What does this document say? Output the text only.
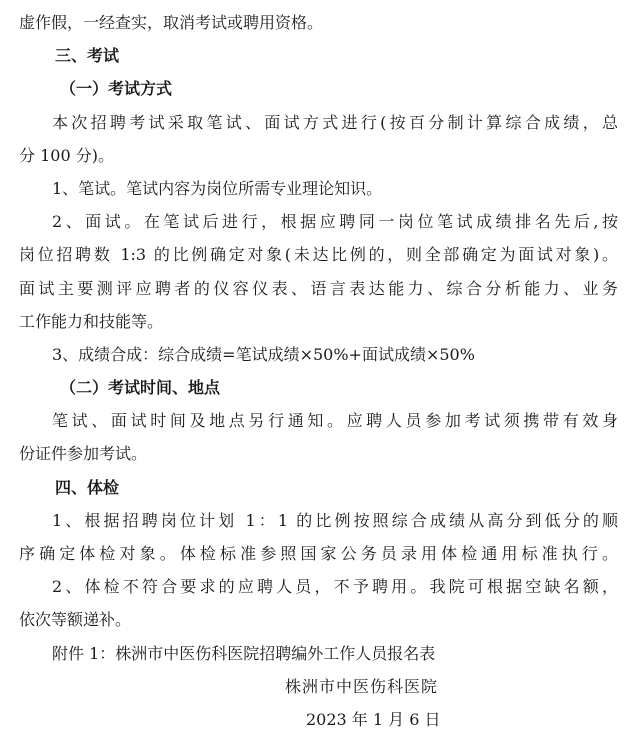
虚作假，一经查实，取消考试或聘用资格。
三、考试
（一）考试方式
本次招聘考试采取笔试、面试方式进行(按百分制计算综合成绩，总
分 100 分)。
1、笔试。笔试内容为岗位所需专业理论知识。
2、面试。在笔试后进行，根据应聘同一岗位笔试成绩排名先后,按
岗位招聘数 1:3 的比例确定对象(未达比例的，则全部确定为面试对象)。
面试主要测评应聘者的仪容仪表、语言表达能力、综合分析能力、业务
工作能力和技能等。
3、成绩合成：综合成绩=笔试成绩×50%+面试成绩×50%
（二）考试时间、地点
笔试、面试时间及地点另行通知。应聘人员参加考试须携带有效身
份证件参加考试。
四、体检
1、根据招聘岗位计划 1：1 的比例按照综合成绩从高分到低分的顺
序确定体检对象。体检标准参照国家公务员录用体检通用标准执行。
2、体检不符合要求的应聘人员，不予聘用。我院可根据空缺名额，
依次等额递补。
附件 1：株洲市中医伤科医院招聘编外工作人员报名表
株洲市中医伤科医院
2023 年 1 月 6 日
